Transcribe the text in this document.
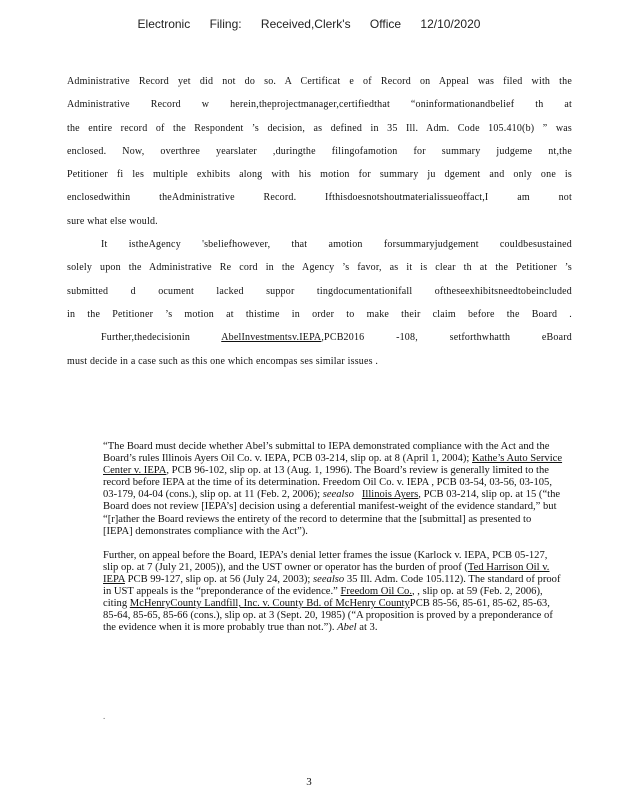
Electronic Filing: Received,Clerk's Office 12/10/2020
Administrative Record yet did not do so. A Certificat e of Record on Appeal was filed with the
Administrative Record w herein,theprojectmanager,certifiedthat “oninformationandbelief th at
the entire record of the Respondent ’s decision, as defined in 35 Ill. Adm. Code 105.410(b) ” was
enclosed. Now, overthree yearslater ,duringthe filingofamotion for summary judgeme nt,the
Petitioner fi les multiple exhibits along with his motion for summary ju dgement and only one is
enclosedwithin theAdministrative Record. Ifthisdoesnotshoutmaterialissueoffact,I am not
sure what else would.
It istheAgency 'sbeliefhowever, that amotion forsummaryjudgement couldbesustained
solely upon the Administrative Re cord in the Agency ’s favor, as it is clear th at the Petitioner ’s
submitted d ocument lacked suppor tingdocumentationifall oftheseexhibitsneedtobeincluded
in the Petitioner ’s motion at thistime in order to make their claim before the Board .
Further,thedecisionin	AbelInvestmentsv.IEPA,PCB2016 -108, setforthwhatth eBoard
must decide in a case such as this one which encompas ses similar issues .

“The Board must decide whether Abel’s submittal to IEPA demonstrated compliance with the Act and the Board’s rules Illinois Ayers Oil Co. v. IEPA, PCB 03-214, slip op. at 8 (April 1, 2004); Kathe’s Auto Service Center v. IEPA, PCB 96-102, slip op. at 13 (Aug. 1, 1996). The Board’s review is generally limited to the record before IEPA at the time of its determination. Freedom Oil Co. v. IEPA , PCB 03-54, 03-56, 03-105, 03-179, 04-04 (cons.), slip op. at 11 (Feb. 2, 2006); seealso Illinois Ayers, PCB 03-214, slip op. at 15 (“the Board does not review [IEPA’s] decision using a deferential manifest-weight of the evidence standard,” but “[r]ather the Board reviews the entirety of the record to determine that the [submittal] as presented to [IEPA] demonstrates compliance with the Act”).

Further, on appeal before the Board, IEPA’s denial letter frames the issue (Karlock v. IEPA, PCB 05-127, slip op. at 7 (July 21, 2005)), and the UST owner or operator has the burden of proof (Ted Harrison Oil v. IEPA PCB 99-127, slip op. at 56 (July 24, 2003); seealso 35 Ill. Adm. Code 105.112). The standard of proof in UST appeals is the “preponderance of the evidence.” Freedom Oil Co., , slip op. at 59 (Feb. 2, 2006), citing McHenryCounty Landfill, Inc. v. County Bd. of McHenry CountyPCB 85-56, 85-61, 85-62, 85-63, 85-64, 85-65, 85-66 (cons.), slip op. at 3 (Sept. 20, 1985) (“A proposition is proved by a preponderance of the evidence when it is more probably true than not.”). Abel at 3.

.
3
